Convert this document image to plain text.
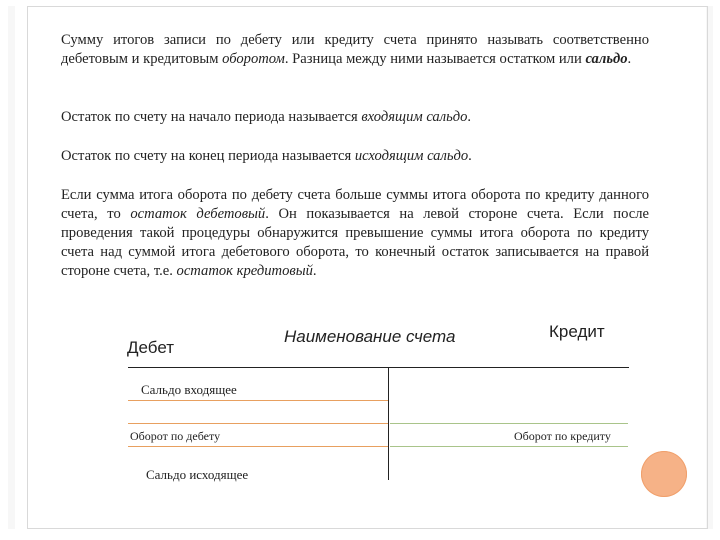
Сумму итогов записи по дебету или кредиту счета принято называть соответственно дебетовым и кредитовым оборотом. Разница между ними называется остатком или сальдо.

Остаток по счету на начало периода называется входящим сальдо.

Остаток по счету на конец периода называется исходящим сальдо.

Если сумма итога оборота по дебету счета больше суммы итога оборота по кредиту данного счета, то остаток дебетовый. Он показывается на левой стороне счета. Если после проведения такой процедуры обнаружится превышение суммы итога оборота по кредиту счета над суммой итога дебетового оборота, то конечный остаток записывается на правой стороне счета, т.е. остаток кредитовый.

Дебет
Наименование счета	Кредит
Сальдо входящее
Оборот по дебету	Оборот по кредиту
Сальдо исходящее
